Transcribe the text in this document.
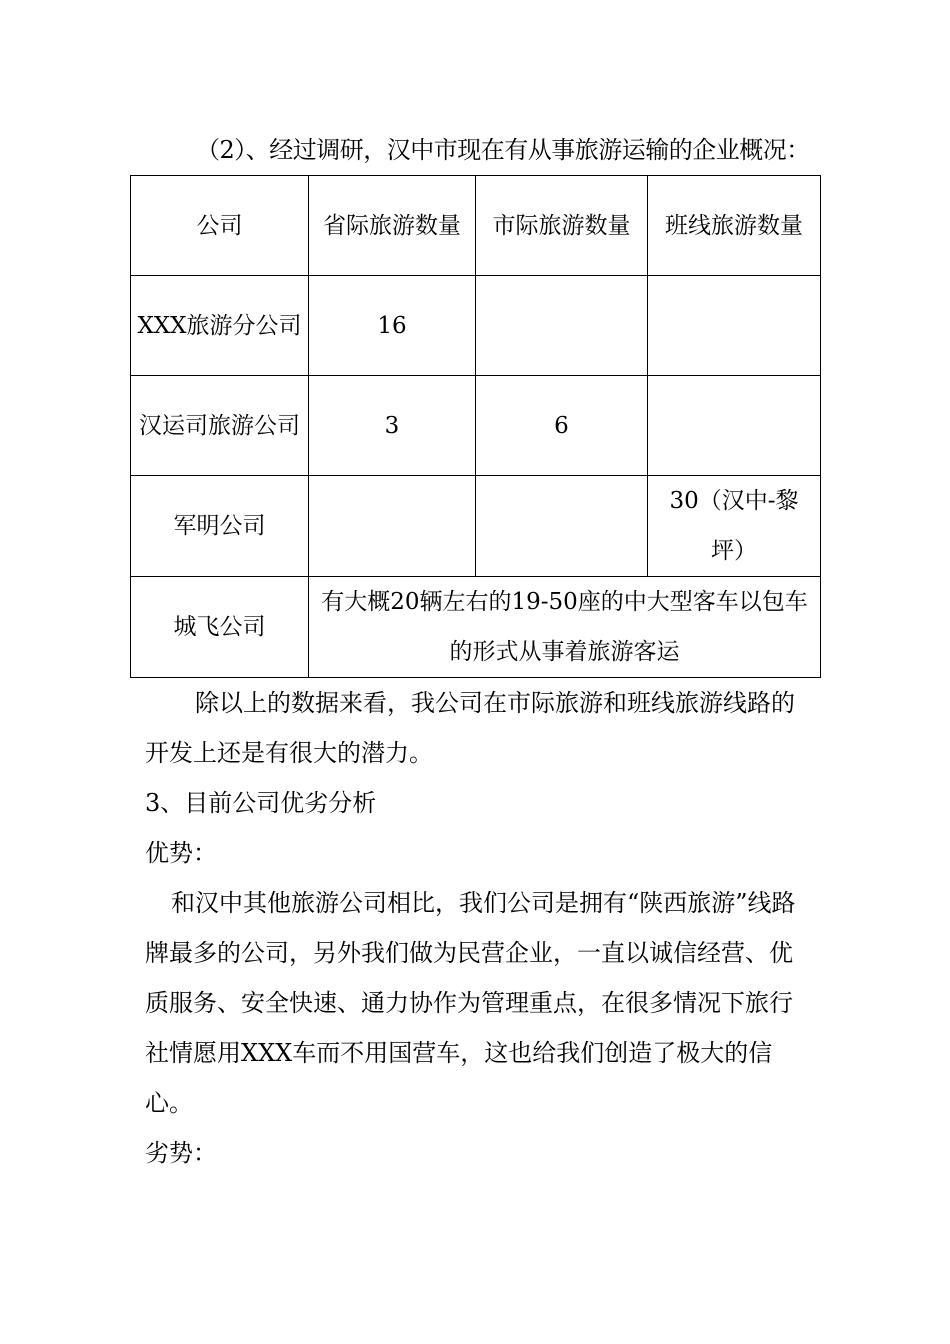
（2）、经过调研，汉中市现在有从事旅游运输的企业概况：
公司	省际旅游数量	市际旅游数量	班线旅游数量
XXX旅游分公司	16		
汉运司旅游公司	3	6	
军明公司			30（汉中-黎坪）
城飞公司	有大概20辆左右的19-50座的中大型客车以包车的形式从事着旅游客运		
除以上的数据来看，我公司在市际旅游和班线旅游线路的开发上还是有很大的潜力。
3、目前公司优劣分析
优势：
和汉中其他旅游公司相比，我们公司是拥有“陕西旅游”线路牌最多的公司，另外我们做为民营企业，一直以诚信经营、优质服务、安全快速、通力协作为管理重点，在很多情况下旅行社情愿用XXX车而不用国营车，这也给我们创造了极大的信心。
劣势：
